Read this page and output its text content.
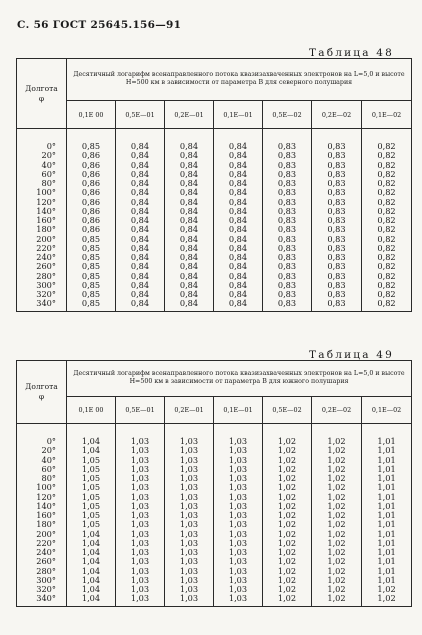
С. 56 ГОСТ 25645.156—91
Таблица 48
Долгота
φ	Десятичный логарифм всенаправленного потока квазизахваченных электронов на L=5,0 и высоте H=500 км в зависимости от параметра B для северного полушария						
	0,1E 00	0,5E—01	0,2E—01	0,1E—01	0,5E—02	0,2E—02	0,1E—02
0°	0,85	0,84	0,84	0,84	0,83	0,83	0,82
20°	0,86	0,84	0,84	0,84	0,83	0,83	0,82
40°	0,86	0,84	0,84	0,84	0,83	0,83	0,82
60°	0,86	0,84	0,84	0,84	0,83	0,83	0,82
80°	0,86	0,84	0,84	0,84	0,83	0,83	0,82
100°	0,86	0,84	0,84	0,84	0,83	0,83	0,82
120°	0,86	0,84	0,84	0,84	0,83	0,83	0,82
140°	0,86	0,84	0,84	0,84	0,83	0,83	0,82
160°	0,86	0,84	0,84	0,84	0,83	0,83	0,82
180°	0,86	0,84	0,84	0,84	0,83	0,83	0,82
200°	0,85	0,84	0,84	0,84	0,83	0,83	0,82
220°	0,85	0,84	0,84	0,84	0,83	0,83	0,82
240°	0,85	0,84	0,84	0,84	0,83	0,83	0,82
260°	0,85	0,84	0,84	0,84	0,83	0,83	0,82
280°	0,85	0,84	0,84	0,84	0,83	0,83	0,82
300°	0,85	0,84	0,84	0,84	0,83	0,83	0,82
320°	0,85	0,84	0,84	0,84	0,83	0,83	0,82
340°	0,85	0,84	0,84	0,84	0,83	0,83	0,82
Таблица 49
Долгота
φ	Десятичный логарифм всенаправленного потока квазизахваченных электронов на L=5,0 и высоте H=500 км в зависимости от параметра B для южного полушария						
	0,1E 00	0,5E—01	0,2E—01	0,1E—01	0,5E—02	0,2E—02	0,1E—02
0°	1,04	1,03	1,03	1,03	1,02	1,02	1,01
20°	1,04	1,03	1,03	1,03	1,02	1,02	1,01
40°	1,05	1,03	1,03	1,03	1,02	1,02	1,01
60°	1,05	1,03	1,03	1,03	1,02	1,02	1,01
80°	1,05	1,03	1,03	1,03	1,02	1,02	1,01
100°	1,05	1,03	1,03	1,03	1,02	1,02	1,01
120°	1,05	1,03	1,03	1,03	1,02	1,02	1,01
140°	1,05	1,03	1,03	1,03	1,02	1,02	1,01
160°	1,05	1,03	1,03	1,03	1,02	1,02	1,01
180°	1,05	1,03	1,03	1,03	1,02	1,02	1,01
200°	1,04	1,03	1,03	1,03	1,02	1,02	1,01
220°	1,04	1,03	1,03	1,03	1,02	1,02	1,01
240°	1,04	1,03	1,03	1,03	1,02	1,02	1,01
260°	1,04	1,03	1,03	1,03	1,02	1,02	1,01
280°	1,04	1,03	1,03	1,03	1,02	1,02	1,01
300°	1,04	1,03	1,03	1,03	1,02	1,02	1,01
320°	1,04	1,03	1,03	1,03	1,02	1,02	1,02
340°	1,04	1,03	1,03	1,03	1,02	1,02	1,02
